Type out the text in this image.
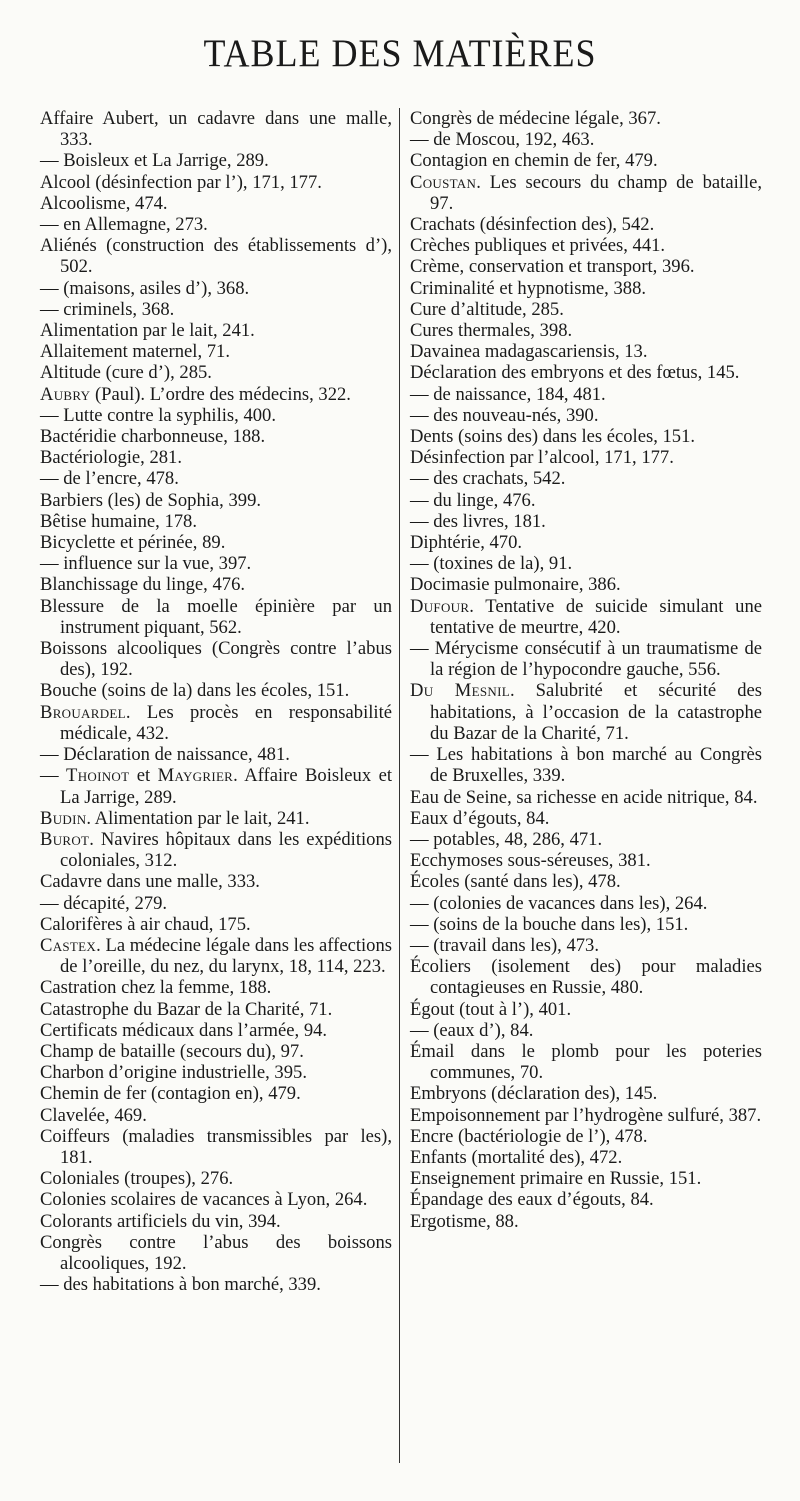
TABLE DES MATIÈRES
Affaire Aubert, un cadavre dans une malle, 333.
— Boisleux et La Jarrige, 289.
Alcool (désinfection par l’), 171, 177.
Alcoolisme, 474.
— en Allemagne, 273.
Aliénés (construction des établissements d’), 502.
— (maisons, asiles d’), 368.
— criminels, 368.
Alimentation par le lait, 241.
Allaitement maternel, 71.
Altitude (cure d’), 285.
Aubry (Paul). L’ordre des médecins, 322.
— Lutte contre la syphilis, 400.
Bactéridie charbonneuse, 188.
Bactériologie, 281.
— de l’encre, 478.
Barbiers (les) de Sophia, 399.
Bêtise humaine, 178.
Bicyclette et périnée, 89.
— influence sur la vue, 397.
Blanchissage du linge, 476.
Blessure de la moelle épinière par un instrument piquant, 562.
Boissons alcooliques (Congrès contre l’abus des), 192.
Bouche (soins de la) dans les écoles, 151.
Brouardel. Les procès en responsabilité médicale, 432.
— Déclaration de naissance, 481.
— Thoinot et Maygrier. Affaire Boisleux et La Jarrige, 289.
Budin. Alimentation par le lait, 241.
Burot. Navires hôpitaux dans les expéditions coloniales, 312.
Cadavre dans une malle, 333.
— décapité, 279.
Calorifères à air chaud, 175.
Castex. La médecine légale dans les affections de l’oreille, du nez, du larynx, 18, 114, 223.
Castration chez la femme, 188.
Catastrophe du Bazar de la Charité, 71.
Certificats médicaux dans l’armée, 94.
Champ de bataille (secours du), 97.
Charbon d’origine industrielle, 395.
Chemin de fer (contagion en), 479.
Clavelée, 469.
Coiffeurs (maladies transmissibles par les), 181.
Coloniales (troupes), 276.
Colonies scolaires de vacances à Lyon, 264.
Colorants artificiels du vin, 394.
Congrès contre l’abus des boissons alcooliques, 192.
— des habitations à bon marché, 339.
Congrès de médecine légale, 367.
— de Moscou, 192, 463.
Contagion en chemin de fer, 479.
Coustan. Les secours du champ de bataille, 97.
Crachats (désinfection des), 542.
Crèches publiques et privées, 441.
Crème, conservation et transport, 396.
Criminalité et hypnotisme, 388.
Cure d’altitude, 285.
Cures thermales, 398.
Davainea madagascariensis, 13.
Déclaration des embryons et des fœtus, 145.
— de naissance, 184, 481.
— des nouveau-nés, 390.
Dents (soins des) dans les écoles, 151.
Désinfection par l’alcool, 171, 177.
— des crachats, 542.
— du linge, 476.
— des livres, 181.
Diphtérie, 470.
— (toxines de la), 91.
Docimasie pulmonaire, 386.
Dufour. Tentative de suicide simulant une tentative de meurtre, 420.
— Mérycisme consécutif à un traumatisme de la région de l’hypocondre gauche, 556.
Du Mesnil. Salubrité et sécurité des habitations, à l’occasion de la catastrophe du Bazar de la Charité, 71.
— Les habitations à bon marché au Congrès de Bruxelles, 339.
Eau de Seine, sa richesse en acide nitrique, 84.
Eaux d’égouts, 84.
— potables, 48, 286, 471.
Ecchymoses sous-séreuses, 381.
Écoles (santé dans les), 478.
— (colonies de vacances dans les), 264.
— (soins de la bouche dans les), 151.
— (travail dans les), 473.
Écoliers (isolement des) pour maladies contagieuses en Russie, 480.
Égout (tout à l’), 401.
— (eaux d’), 84.
Émail dans le plomb pour les poteries communes, 70.
Embryons (déclaration des), 145.
Empoisonnement par l’hydrogène sulfuré, 387.
Encre (bactériologie de l’), 478.
Enfants (mortalité des), 472.
Enseignement primaire en Russie, 151.
Épandage des eaux d’égouts, 84.
Ergotisme, 88.
